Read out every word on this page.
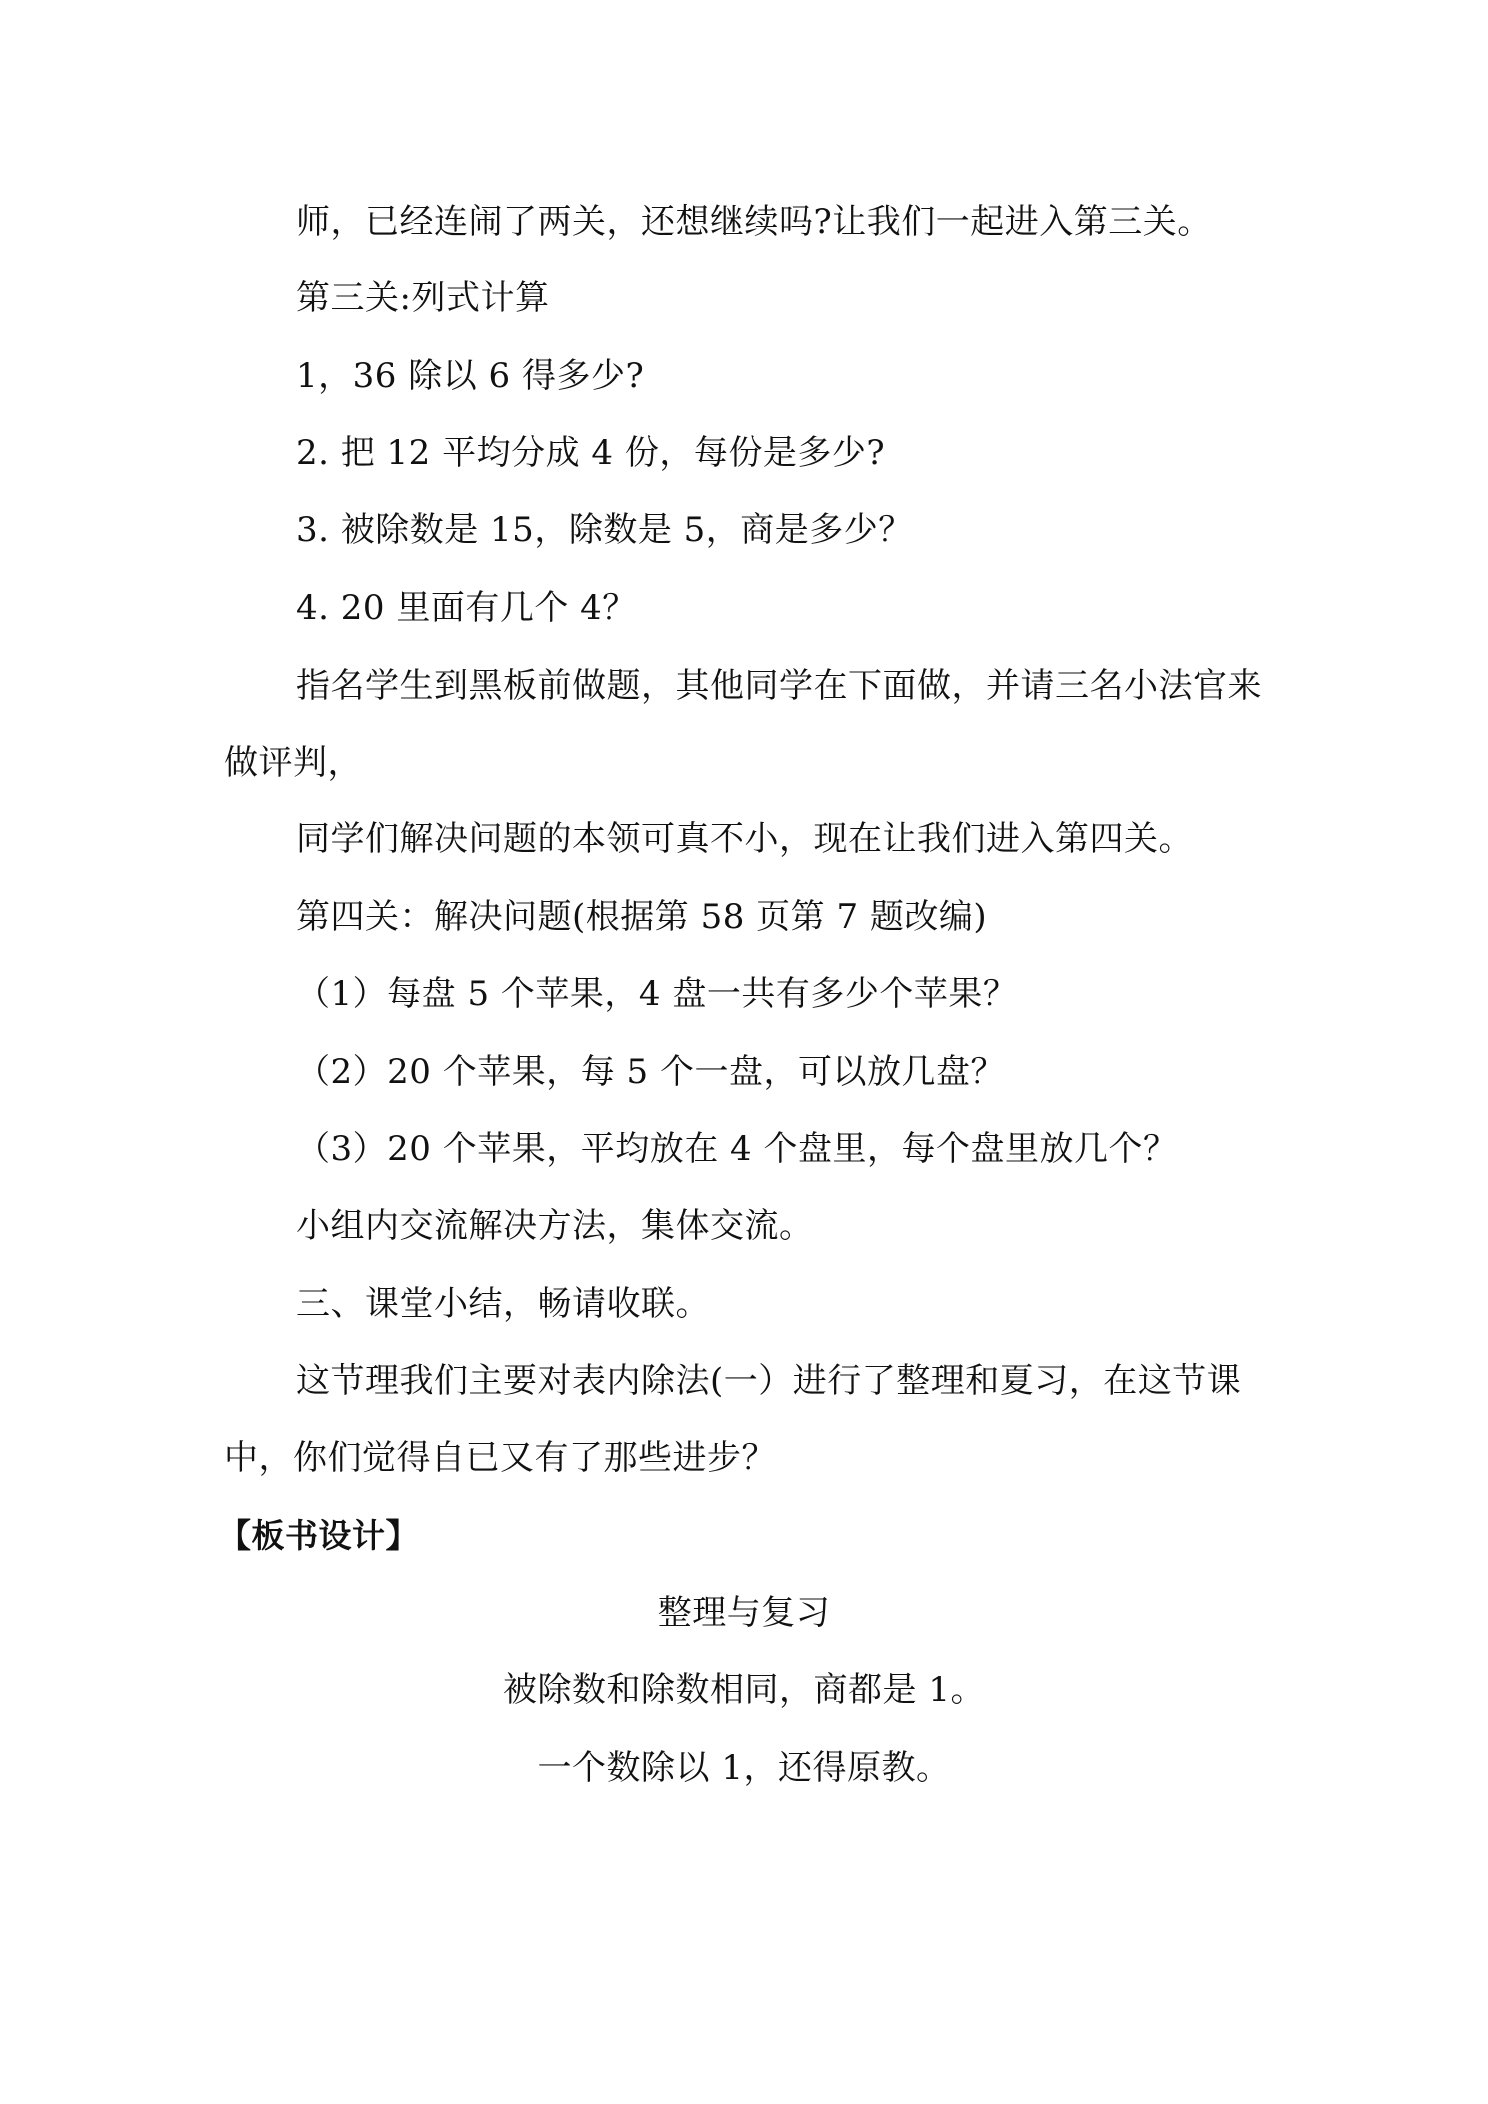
师，已经连闹了两关，还想继续吗?让我们一起进入第三关。
第三关:列式计算
1，36 除以 6 得多少?
2. 把 12 平均分成 4 份，每份是多少?
3. 被除数是 15，除数是 5，商是多少？
4. 20 里面有几个 4？
指名学生到黑板前做题，其他同学在下面做，并请三名小法官来
做评判，
同学们解决问题的本领可真不小，现在让我们进入第四关。
第四关：解决问题(根据第 58 页第 7 题改编)
（1）每盘 5 个苹果，4 盘一共有多少个苹果？
（2）20 个苹果，每 5 个一盘，可以放几盘？
（3）20 个苹果，平均放在 4 个盘里，每个盘里放几个？
小组内交流解决方法，集体交流。
三、课堂小结，畅请收联。
这节理我们主要对表内除法(一）进行了整理和夏习，在这节课
中，你们觉得自已又有了那些进步？
【板书设计】
整理与复习
被除数和除数相同，商都是 1。
一个数除以 1，还得原教。
